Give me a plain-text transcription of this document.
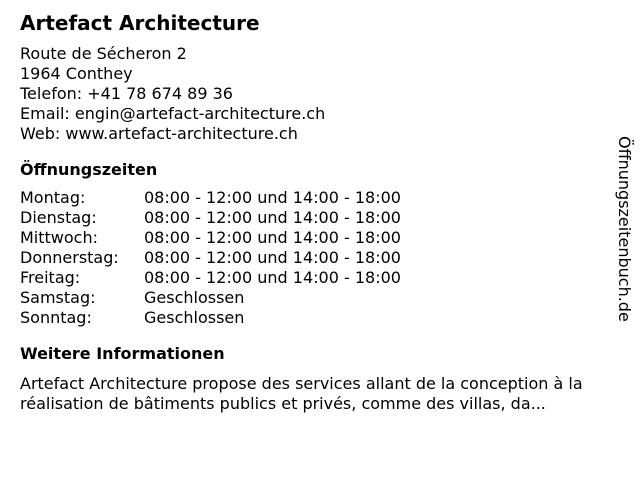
Artefact Architecture
Route de Sécheron 2
1964 Conthey
Telefon: +41 78 674 89 36
Email: engin@artefact-architecture.ch
Web: www.artefact-architecture.ch
Öffnungszeiten
Montag:	08:00 - 12:00 und 14:00 - 18:00
Dienstag:	08:00 - 12:00 und 14:00 - 18:00
Mittwoch:	08:00 - 12:00 und 14:00 - 18:00
Donnerstag:	08:00 - 12:00 und 14:00 - 18:00
Freitag:	08:00 - 12:00 und 14:00 - 18:00
Samstag:	Geschlossen
Sonntag:	Geschlossen
Weitere Informationen
Artefact Architecture propose des services allant de la conception à la réalisation de bâtiments publics et privés, comme des villas, da...
Öffnungszeitenbuch.de
